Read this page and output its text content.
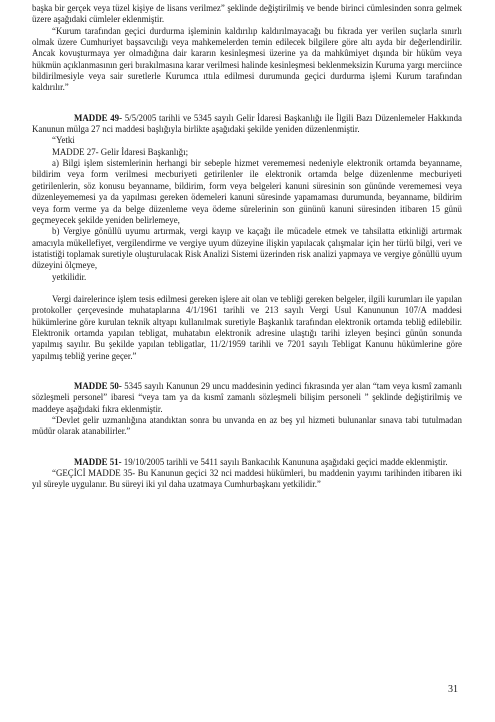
başka bir gerçek veya tüzel kişiye de lisans verilmez” şeklinde değiştirilmiş ve bende birinci cümlesinden sonra gelmek üzere aşağıdaki cümleler eklenmiştir.

“Kurum tarafından geçici durdurma işleminin kaldırılıp kaldırılmayacağı bu fıkrada yer verilen suçlarla sınırlı olmak üzere Cumhuriyet başsavcılığı veya mahkemelerden temin edilecek bilgilere göre altı ayda bir değerlendirilir. Ancak kovuşturmaya yer olmadığına dair kararın kesinleşmesi üzerine ya da mahkûmiyet dışında bir hüküm veya hükmün açıklanmasının geri bırakılmasına karar verilmesi halinde kesinleşmesi beklenmeksizin Kuruma yargı merciince bildirilmesiyle veya sair suretlerle Kurumca ıttıla edilmesi durumunda geçici durdurma işlemi Kurum tarafından kaldırılır.”

MADDE 49- 5/5/2005 tarihli ve 5345 sayılı Gelir İdaresi Başkanlığı ile İlgili Bazı Düzenlemeler Hakkında Kanunun mülga 27 nci maddesi başlığıyla birlikte aşağıdaki şekilde yeniden düzenlenmiştir.

“Yetki

MADDE 27- Gelir İdaresi Başkanlığı;

a) Bilgi işlem sistemlerinin herhangi bir sebeple hizmet verememesi nedeniyle elektronik ortamda beyanname, bildirim veya form verilmesi mecburiyeti getirilenler ile elektronik ortamda belge düzenlenme mecburiyeti getirilenlerin, söz konusu beyanname, bildirim, form veya belgeleri kanuni süresinin son gününde verememesi veya düzenleyememesi ya da yapılması gereken ödemeleri kanuni süresinde yapamaması durumunda, beyanname, bildirim veya form verme ya da belge düzenleme veya ödeme sürelerinin son gününü kanuni süresinden itibaren 15 günü geçmeyecek şekilde yeniden belirlemeye,

b) Vergiye gönüllü uyumu artırmak, vergi kayıp ve kaçağı ile mücadele etmek ve tahsilatta etkinliği artırmak amacıyla mükellefiyet, vergilendirme ve vergiye uyum düzeyine ilişkin yapılacak çalışmalar için her türlü bilgi, veri ve istatistiği toplamak suretiyle oluşturulacak Risk Analizi Sistemi üzerinden risk analizi yapmaya ve vergiye gönüllü uyum düzeyini ölçmeye,

yetkilidir.

Vergi dairelerince işlem tesis edilmesi gereken işlere ait olan ve tebliği gereken belgeler, ilgili kurumları ile yapılan protokoller çerçevesinde muhataplarına 4/1/1961 tarihli ve 213 sayılı Vergi Usul Kanununun 107/A maddesi hükümlerine göre kurulan teknik altyapı kullanılmak suretiyle Başkanlık tarafından elektronik ortamda tebliğ edilebilir. Elektronik ortamda yapılan tebligat, muhatabın elektronik adresine ulaştığı tarihi izleyen beşinci günün sonunda yapılmış sayılır. Bu şekilde yapılan tebligatlar, 11/2/1959 tarihli ve 7201 sayılı Tebligat Kanunu hükümlerine göre yapılmış tebliğ yerine geçer.”

MADDE 50- 5345 sayılı Kanunun 29 uncu maddesinin yedinci fıkrasında yer alan “tam veya kısmî zamanlı sözleşmeli personel” ibaresi “veya tam ya da kısmî zamanlı sözleşmeli bilişim personeli ” şeklinde değiştirilmiş ve maddeye aşağıdaki fıkra eklenmiştir.

“Devlet gelir uzmanlığına atandıktan sonra bu unvanda en az beş yıl hizmeti bulunanlar sınava tabi tutulmadan müdür olarak atanabilirler.”

MADDE 51- 19/10/2005 tarihli ve 5411 sayılı Bankacılık Kanununa aşağıdaki geçici madde eklenmiştir.

“GEÇİCİ MADDE 35- Bu Kanunun geçici 32 nci maddesi hükümleri, bu maddenin yayımı tarihinden itibaren iki yıl süreyle uygulanır. Bu süreyi iki yıl daha uzatmaya Cumhurbaşkanı yetkilidir.”

31
